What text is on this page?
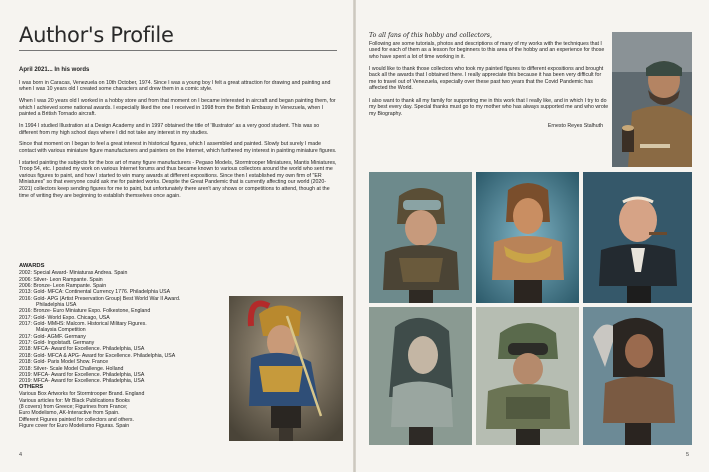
Author's Profile

April 2021... In his words

I was born in Caracas, Venezuela on 10th October, 1974. Since I was a young boy I felt a great attraction for drawing and painting and when I was 10 years old I created some characters and drew them in a comic style.

When I was 20 years old I worked in a hobby store and from that moment on I became interested in aircraft and began painting them, for which I achieved some national awards. I especially liked the one I received in 1998 from the British Embassy in Venezuela, when I painted a British Tornado aircraft.

In 1994 I studied Illustration at a Design Academy and in 1997 obtained the title of 'Illustrator' as a very good student. This was so different from my high school days where I did not take any interest in my studies.

Since that moment on I began to feel a great interest in historical figures, which I assembled and painted. Slowly but surely I made contact with various miniature figure manufacturers and painters on the Internet, which furthered my interest in painting miniature figures.

I started painting the subjects for the box art of many figure manufacturers - Pegaso Models, Stormtrooper Miniatures, Mantis Miniatures, Troop 54, etc. I posted my work on various Internet forums and thus became known to various collectors around the world who sent me various figures to paint, and how I started to win many awards at different expositions. Since then I established my own firm of "ER Miniatures" so that everyone could ask me for painted works. Despite the Great Pandemic that is currently affecting our world (2020-2021) collectors keep sending figures for me to paint, but unfortunately there aren't any shows or competitions to attend, though at the time of writing they are beginning to establish themselves once again.

AWARDS
2002: Special Award- Miniaturas Andrea. Spain
2006: Silver- Leon Rampante. Spain
2006: Bronze- Leon Rampante. Spain
2013: Gold- MFCA: Continental Currency 1776. Philadelphia USA
2016: Gold- APG (Artist Preservation Group) Best World War II Award.
Philadelphia USA
2016: Bronze- Euro Miniature Expo. Folkestone, England
2017: Gold- World Expo. Chicago, USA
2017: Gold- MMHS: Malcom. Historical Military Figures.
Malaysia Competition
2017: Gold- AGMF. Germany
2017: Gold- Ingolstadt. Germany
2018: MFCA- Award for Excellence. Philadelphia, USA
2018: Gold- MFCA & APG- Award for Excellence. Philadelphia, USA
2018: Gold- Paris Model Show. France
2018: Silver- Scale Model Challenge. Holland
2019: MFCA- Award for Excellence. Philadelphia, USA
2019: MFCA- Award for Excellence. Philadelphia, USA
OTHERS
Various Box Artworks for Stormtrooper Brand. England
Various articles for: Mr Black Publications Books
(8 covers) from Greece; Figurines from France;
Euro Modelismo, AK-Interactive from Spain.
Different Figures painted for collectors and others.
Figure cover for Euro Modelismo Figuras. Spain
4

To all fans of this hobby and collectors,

Following are some tutorials, photos and descriptions of many of my works with the techniques that I used for each of them as a lesson for beginners to this area of the hobby and an experience for those who have spent a lot of time working in it.

I would like to thank those collectors who took my painted figures to different expositions and brought back all the awards that I obtained there. I really appreciate this because it has been very difficult for me to travel out of Venezuela, especially over these past two years that the Covid Pandemic has affected the World.

I also want to thank all my family for supporting me in this work that I really like, and in which I try to do my best every day. Special thanks must go to my mother who has always supported me and who wrote my Biography.

Ernesto Reyes Stalhuth

5
